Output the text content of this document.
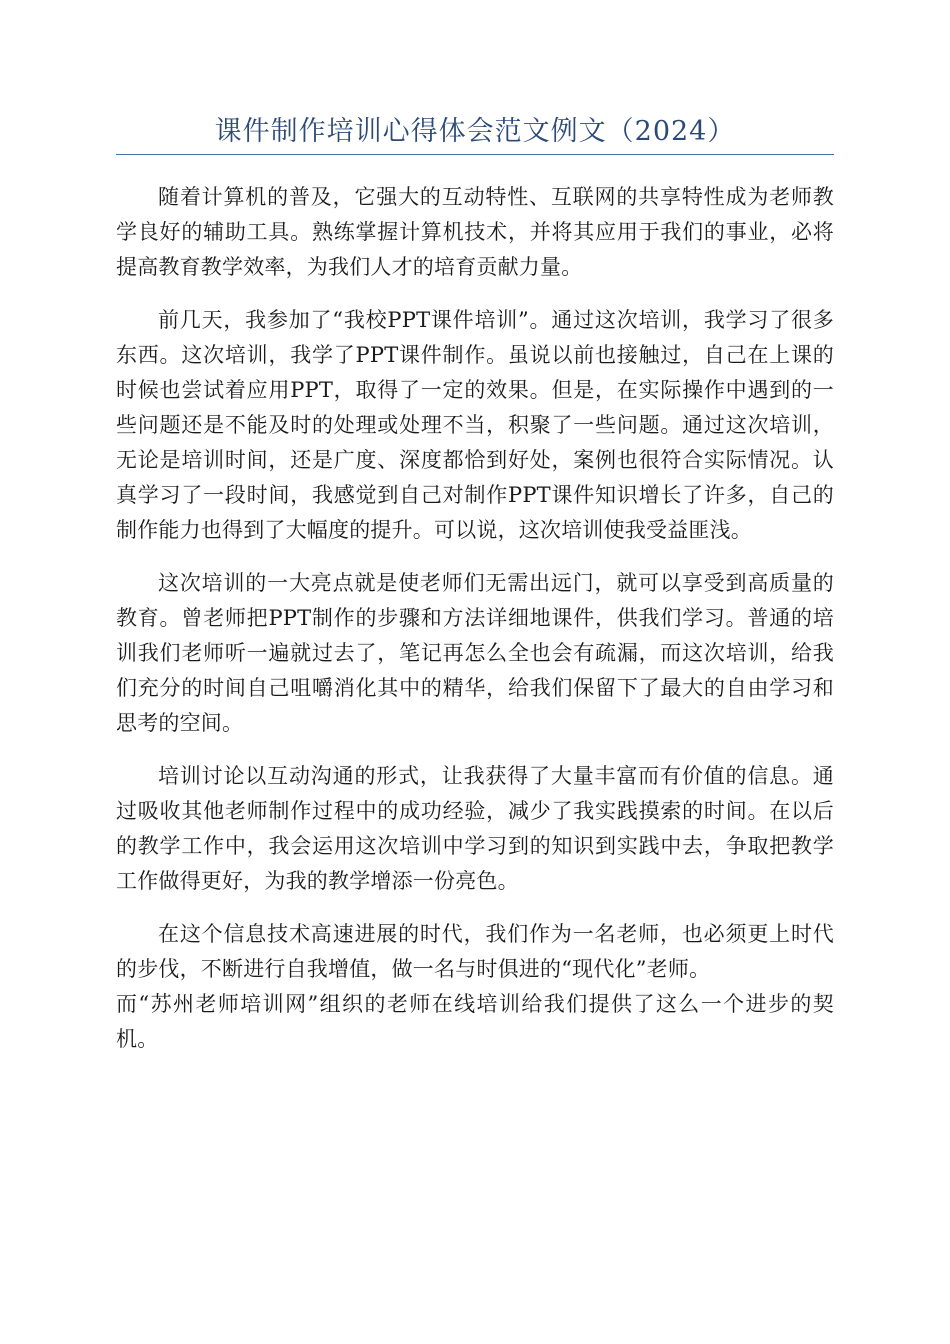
课件制作培训心得体会范文例文（2024）

随着计算机的普及，它强大的互动特性、互联网的共享特性成为老师教学良好的辅助工具。熟练掌握计算机技术，并将其应用于我们的事业，必将提高教育教学效率，为我们人才的培育贡献力量。

前几天，我参加了“我校PPT课件培训”。通过这次培训，我学习了很多东西。这次培训，我学了PPT课件制作。虽说以前也接触过，自己在上课的时候也尝试着应用PPT，取得了一定的效果。但是，在实际操作中遇到的一些问题还是不能及时的处理或处理不当，积聚了一些问题。通过这次培训，无论是培训时间，还是广度、深度都恰到好处，案例也很符合实际情况。认真学习了一段时间，我感觉到自己对制作PPT课件知识增长了许多，自己的制作能力也得到了大幅度的提升。可以说，这次培训使我受益匪浅。

这次培训的一大亮点就是使老师们无需出远门，就可以享受到高质量的教育。曾老师把PPT制作的步骤和方法详细地课件，供我们学习。普通的培训我们老师听一遍就过去了，笔记再怎么全也会有疏漏，而这次培训，给我们充分的时间自己咀嚼消化其中的精华，给我们保留下了最大的自由学习和思考的空间。

培训讨论以互动沟通的形式，让我获得了大量丰富而有价值的信息。通过吸收其他老师制作过程中的成功经验，减少了我实践摸索的时间。在以后的教学工作中，我会运用这次培训中学习到的知识到实践中去，争取把教学工作做得更好，为我的教学增添一份亮色。

在这个信息技术高速进展的时代，我们作为一名老师，也必须更上时代的步伐，不断进行自我增值，做一名与时俱进的“现代化”老师。
而“苏州老师培训网”组织的老师在线培训给我们提供了这么一个进步的契机。
